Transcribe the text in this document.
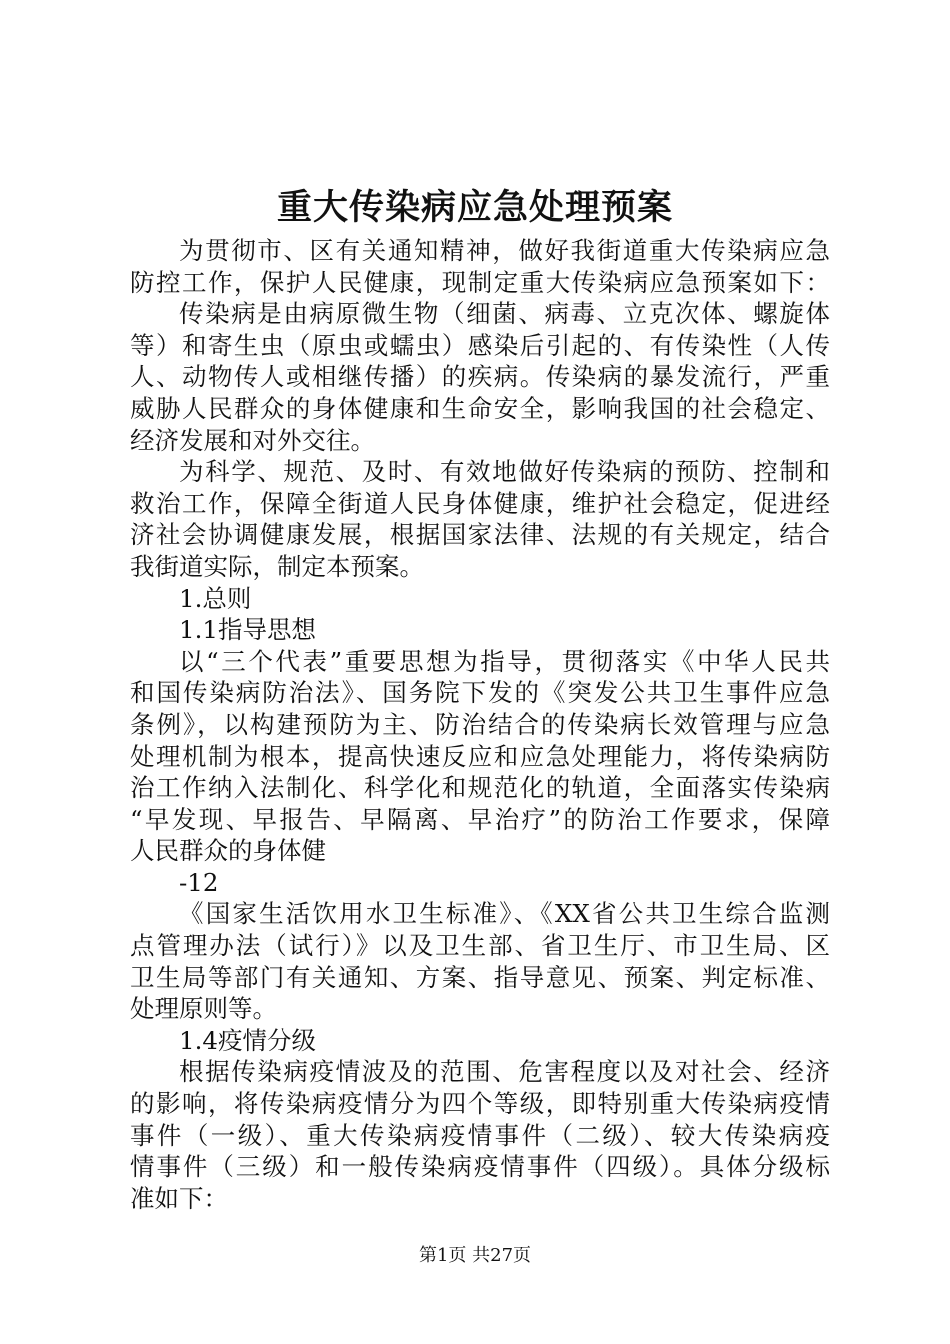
重大传染病应急处理预案
为贯彻市、区有关通知精神，做好我街道重大传染病应急
防控工作，保护人民健康，现制定重大传染病应急预案如下：
传染病是由病原微生物（细菌、病毒、立克次体、螺旋体
等）和寄生虫（原虫或蠕虫）感染后引起的、有传染性（人传
人、动物传人或相继传播）的疾病。传染病的暴发流行，严重
威胁人民群众的身体健康和生命安全，影响我国的社会稳定、
经济发展和对外交往。
为科学、规范、及时、有效地做好传染病的预防、控制和
救治工作，保障全街道人民身体健康，维护社会稳定，促进经
济社会协调健康发展，根据国家法律、法规的有关规定，结合
我街道实际，制定本预案。
1.总则
1.1指导思想
以“三个代表”重要思想为指导，贯彻落实《中华人民共
和国传染病防治法》、国务院下发的《突发公共卫生事件应急
条例》，以构建预防为主、防治结合的传染病长效管理与应急
处理机制为根本，提高快速反应和应急处理能力，将传染病防
治工作纳入法制化、科学化和规范化的轨道，全面落实传染病
“早发现、早报告、早隔离、早治疗”的防治工作要求，保障
人民群众的身体健
-12
《国家生活饮用水卫生标准》、《XX省公共卫生综合监测
点管理办法（试行）》以及卫生部、省卫生厅、市卫生局、区
卫生局等部门有关通知、方案、指导意见、预案、判定标准、
处理原则等。
1.4疫情分级
根据传染病疫情波及的范围、危害程度以及对社会、经济
的影响，将传染病疫情分为四个等级，即特别重大传染病疫情
事件（一级）、重大传染病疫情事件（二级）、较大传染病疫
情事件（三级）和一般传染病疫情事件（四级）。具体分级标
准如下：
第1页 共27页
